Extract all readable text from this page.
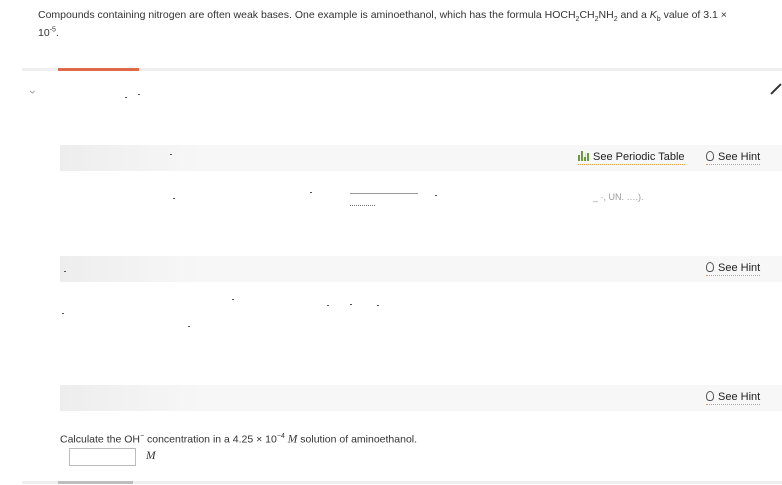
Compounds containing nitrogen are often weak bases. One example is aminoethanol, which has the formula $HOCH_2CH_2NH_2$ and a $K_b$ value of 3.1 ×
$10^{-5}$.
›
See Periodic Table	See Hint
_ ·, UN. ….).
See Hint
See Hint
Calculate the OH− concentration in a $4.25 \times 10^{-4}$ M solution of aminoethanol.
M
